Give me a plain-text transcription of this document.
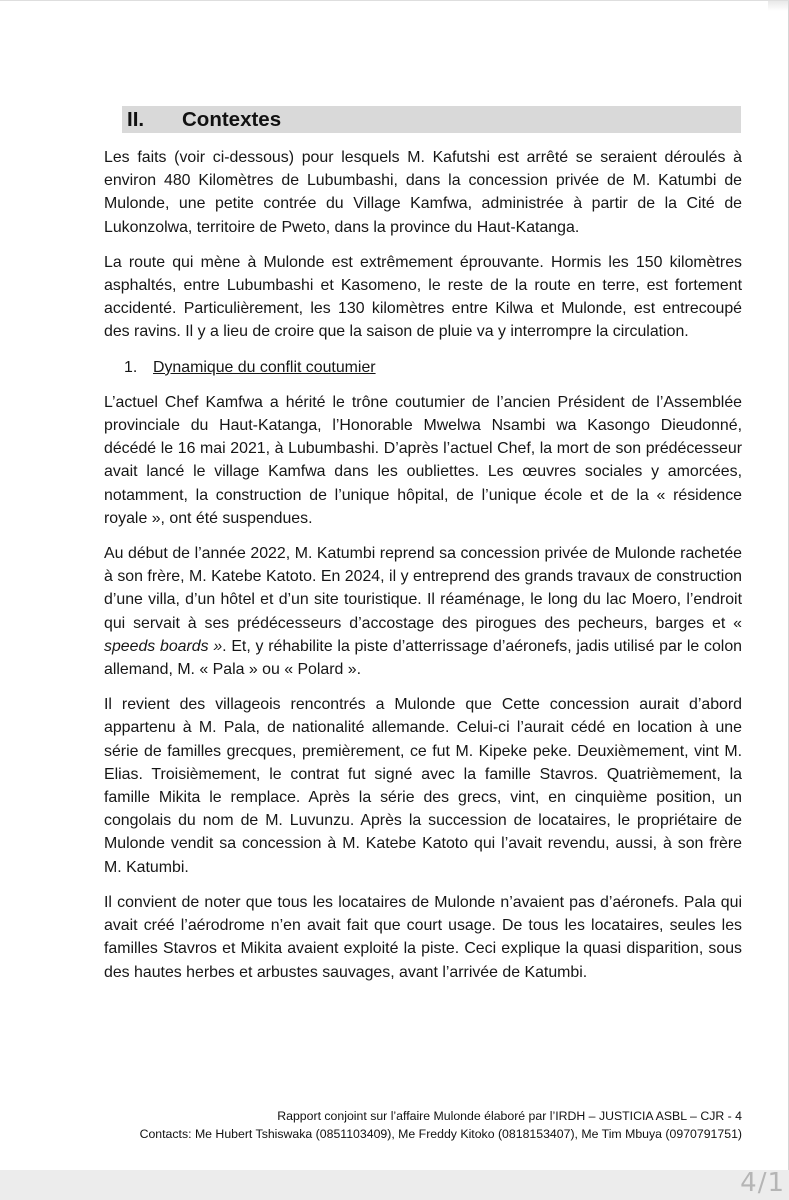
II.	Contextes

Les faits (voir ci-dessous) pour lesquels M. Kafutshi est arrêté se seraient déroulés à environ 480 Kilomètres de Lubumbashi, dans la concession privée de M. Katumbi de Mulonde, une petite contrée du Village Kamfwa, administrée à partir de la Cité de Lukonzolwa, territoire de Pweto, dans la province du Haut-Katanga.

La route qui mène à Mulonde est extrêmement éprouvante. Hormis les 150 kilomètres asphaltés, entre Lubumbashi et Kasomeno, le reste de la route en terre, est fortement accidenté. Particulièrement, les 130 kilomètres entre Kilwa et Mulonde, est entrecoupé des ravins. Il y a lieu de croire que la saison de pluie va y interrompre la circulation.

1. Dynamique du conflit coutumier

L’actuel Chef Kamfwa a hérité le trône coutumier de l’ancien Président de l’Assemblée provinciale du Haut-Katanga, l’Honorable Mwelwa Nsambi wa Kasongo Dieudonné, décédé le 16 mai 2021, à Lubumbashi. D’après l’actuel Chef, la mort de son prédécesseur avait lancé le village Kamfwa dans les oubliettes. Les œuvres sociales y amorcées, notamment, la construction de l’unique hôpital, de l’unique école et de la « résidence royale », ont été suspendues.

Au début de l’année 2022, M. Katumbi reprend sa concession privée de Mulonde rachetée à son frère, M. Katebe Katoto. En 2024, il y entreprend des grands travaux de construction d’une villa, d’un hôtel et d’un site touristique. Il réaménage, le long du lac Moero, l’endroit qui servait à ses prédécesseurs d’accostage des pirogues des pecheurs, barges et « speeds boards ». Et, y réhabilite la piste d’atterrissage d’aéronefs, jadis utilisé par le colon allemand, M. « Pala » ou « Polard ».

Il revient des villageois rencontrés a Mulonde que Cette concession aurait d’abord appartenu à M. Pala, de nationalité allemande. Celui-ci l’aurait cédé en location à une série de familles grecques, premièrement, ce fut M. Kipeke peke. Deuxièmement, vint M. Elias. Troisièmement, le contrat fut signé avec la famille Stavros. Quatrièmement, la famille Mikita le remplace. Après la série des grecs, vint, en cinquième position, un congolais du nom de M. Luvunzu. Après la succession de locataires, le propriétaire de Mulonde vendit sa concession à M. Katebe Katoto qui l’avait revendu, aussi, à son frère M. Katumbi.

Il convient de noter que tous les locataires de Mulonde n’avaient pas d’aéronefs. Pala qui avait créé l’aérodrome n’en avait fait que court usage. De tous les locataires, seules les familles Stavros et Mikita avaient exploité la piste. Ceci explique la quasi disparition, sous des hautes herbes et arbustes sauvages, avant l’arrivée de Katumbi.

Rapport conjoint sur l’affaire Mulonde élaboré par l’IRDH – JUSTICIA ASBL – CJR - 4
Contacts: Me Hubert Tshiswaka (0851103409), Me Freddy Kitoko (0818153407), Me Tim Mbuya (0970791751)
4/1
